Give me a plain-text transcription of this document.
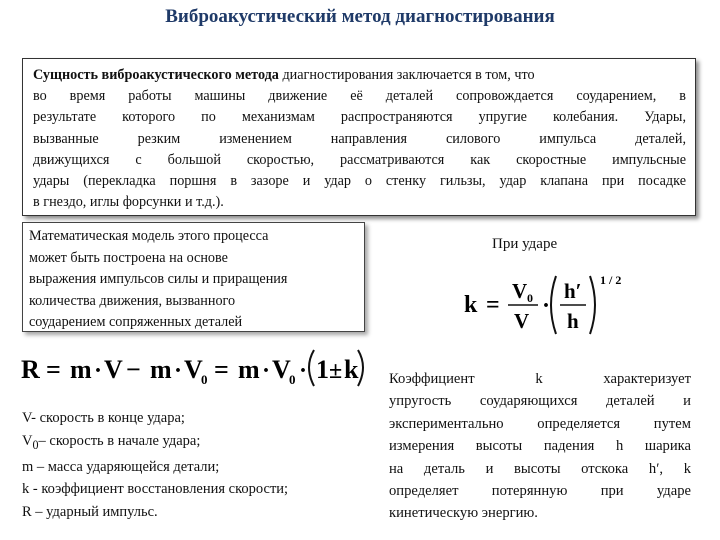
Виброакустический метод диагностирования
Сущность виброакустического метода диагностирования заключается в том, что
во время работы машины движение её деталей сопровождается соударением, в
результате которого по механизмам распространяются упругие колебания. Удары,
вызванные резким изменением направления силового импульса деталей,
движущихся с большой скоростью, рассматриваются как скоростные импульсные
удары (перекладка поршня в зазоре и удар о стенку гильзы, удар клапана при посадке
в гнездо, иглы форсунки и т.д.).
Математическая модель этого процесса
может быть построена на основе
выражения импульсов силы и приращения
количества движения, вызванного
соударением сопряженных деталей
При ударе
k =
V 0
V
·
h′
h
1 / 2
R = m · V − m · V
0 = m · V
0 · 1 ± k
V- скорость в конце удара;
$V_0-$ скорость в начале удара;
m – масса ударяющейся детали;
k - коэффициент восстановления скорости;
R – ударный импульс.
Коэффициент k характеризует
упругость соударяющихся деталей и
экспериментально определяется путем
измерения высоты падения h шарика
на деталь и высоты отскока h′, k
определяет потерянную при ударе
кинетическую энергию.
